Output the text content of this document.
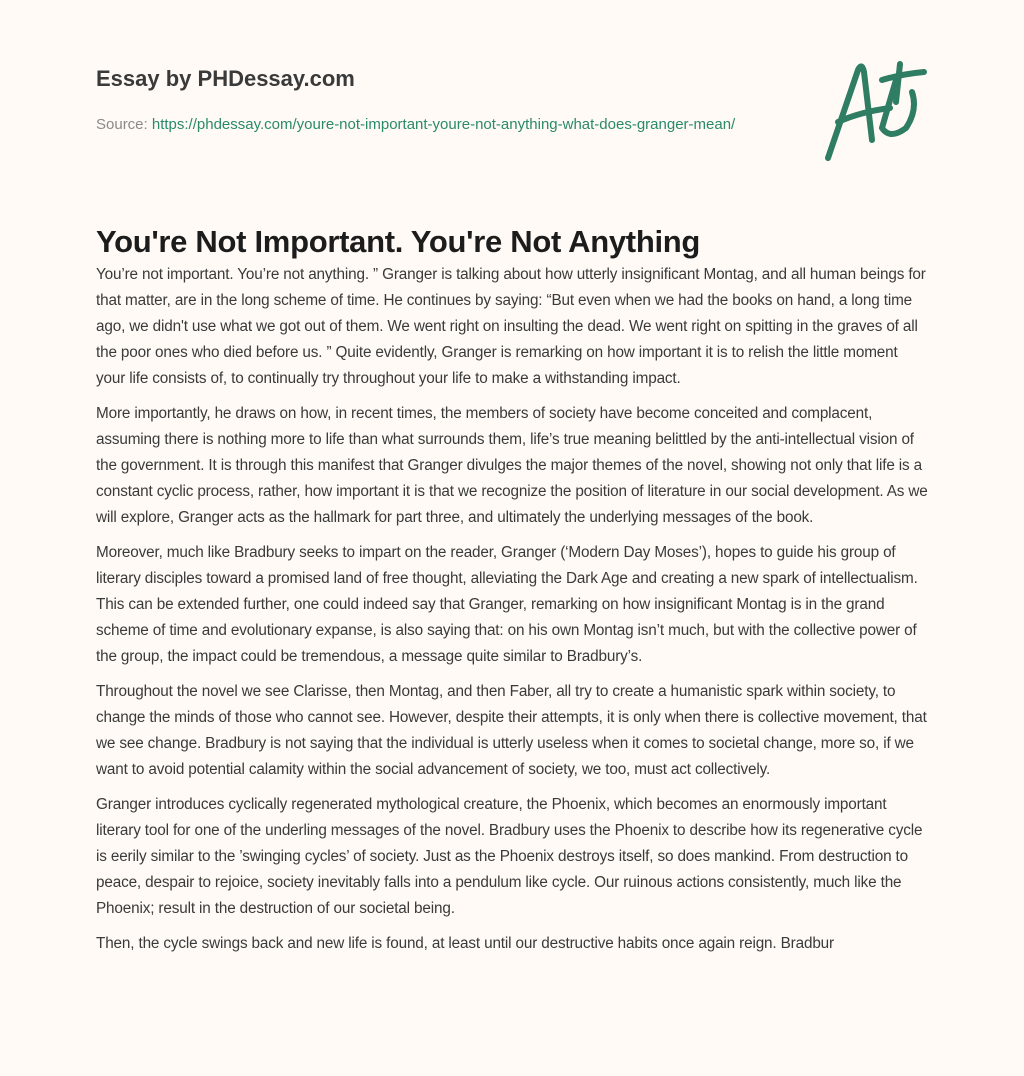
Essay by PHDessay.com
Source: https://phdessay.com/youre-not-important-youre-not-anything-what-does-granger-mean/
You're Not Important. You're Not Anything

You’re not important. You’re not anything. ” Granger is talking about how utterly insignificant Montag, and all human beings for that matter, are in the long scheme of time. He continues by saying: “But even when we had the books on hand, a long time ago, we didn't use what we got out of them. We went right on insulting the dead. We went right on spitting in the graves of all the poor ones who died before us. ” Quite evidently, Granger is remarking on how important it is to relish the little moment your life consists of, to continually try throughout your life to make a withstanding impact.

More importantly, he draws on how, in recent times, the members of society have become conceited and complacent, assuming there is nothing more to life than what surrounds them, life’s true meaning belittled by the anti-intellectual vision of the government. It is through this manifest that Granger divulges the major themes of the novel, showing not only that life is a constant cyclic process, rather, how important it is that we recognize the position of literature in our social development. As we will explore, Granger acts as the hallmark for part three, and ultimately the underlying messages of the book.

Moreover, much like Bradbury seeks to impart on the reader, Granger (‘Modern Day Moses’), hopes to guide his group of literary disciples toward a promised land of free thought, alleviating the Dark Age and creating a new spark of intellectualism. This can be extended further, one could indeed say that Granger, remarking on how insignificant Montag is in the grand scheme of time and evolutionary expanse, is also saying that: on his own Montag isn’t much, but with the collective power of the group, the impact could be tremendous, a message quite similar to Bradbury’s.

Throughout the novel we see Clarisse, then Montag, and then Faber, all try to create a humanistic spark within society, to change the minds of those who cannot see. However, despite their attempts, it is only when there is collective movement, that we see change. Bradbury is not saying that the individual is utterly useless when it comes to societal change, more so, if we want to avoid potential calamity within the social advancement of society, we too, must act collectively.

Granger introduces cyclically regenerated mythological creature, the Phoenix, which becomes an enormously important literary tool for one of the underling messages of the novel. Bradbury uses the Phoenix to describe how its regenerative cycle is eerily similar to the ’swinging cycles’ of society. Just as the Phoenix destroys itself, so does mankind. From destruction to peace, despair to rejoice, society inevitably falls into a pendulum like cycle. Our ruinous actions consistently, much like the Phoenix; result in the destruction of our societal being.

Then, the cycle swings back and new life is found, at least until our destructive habits once again reign. Bradbur
